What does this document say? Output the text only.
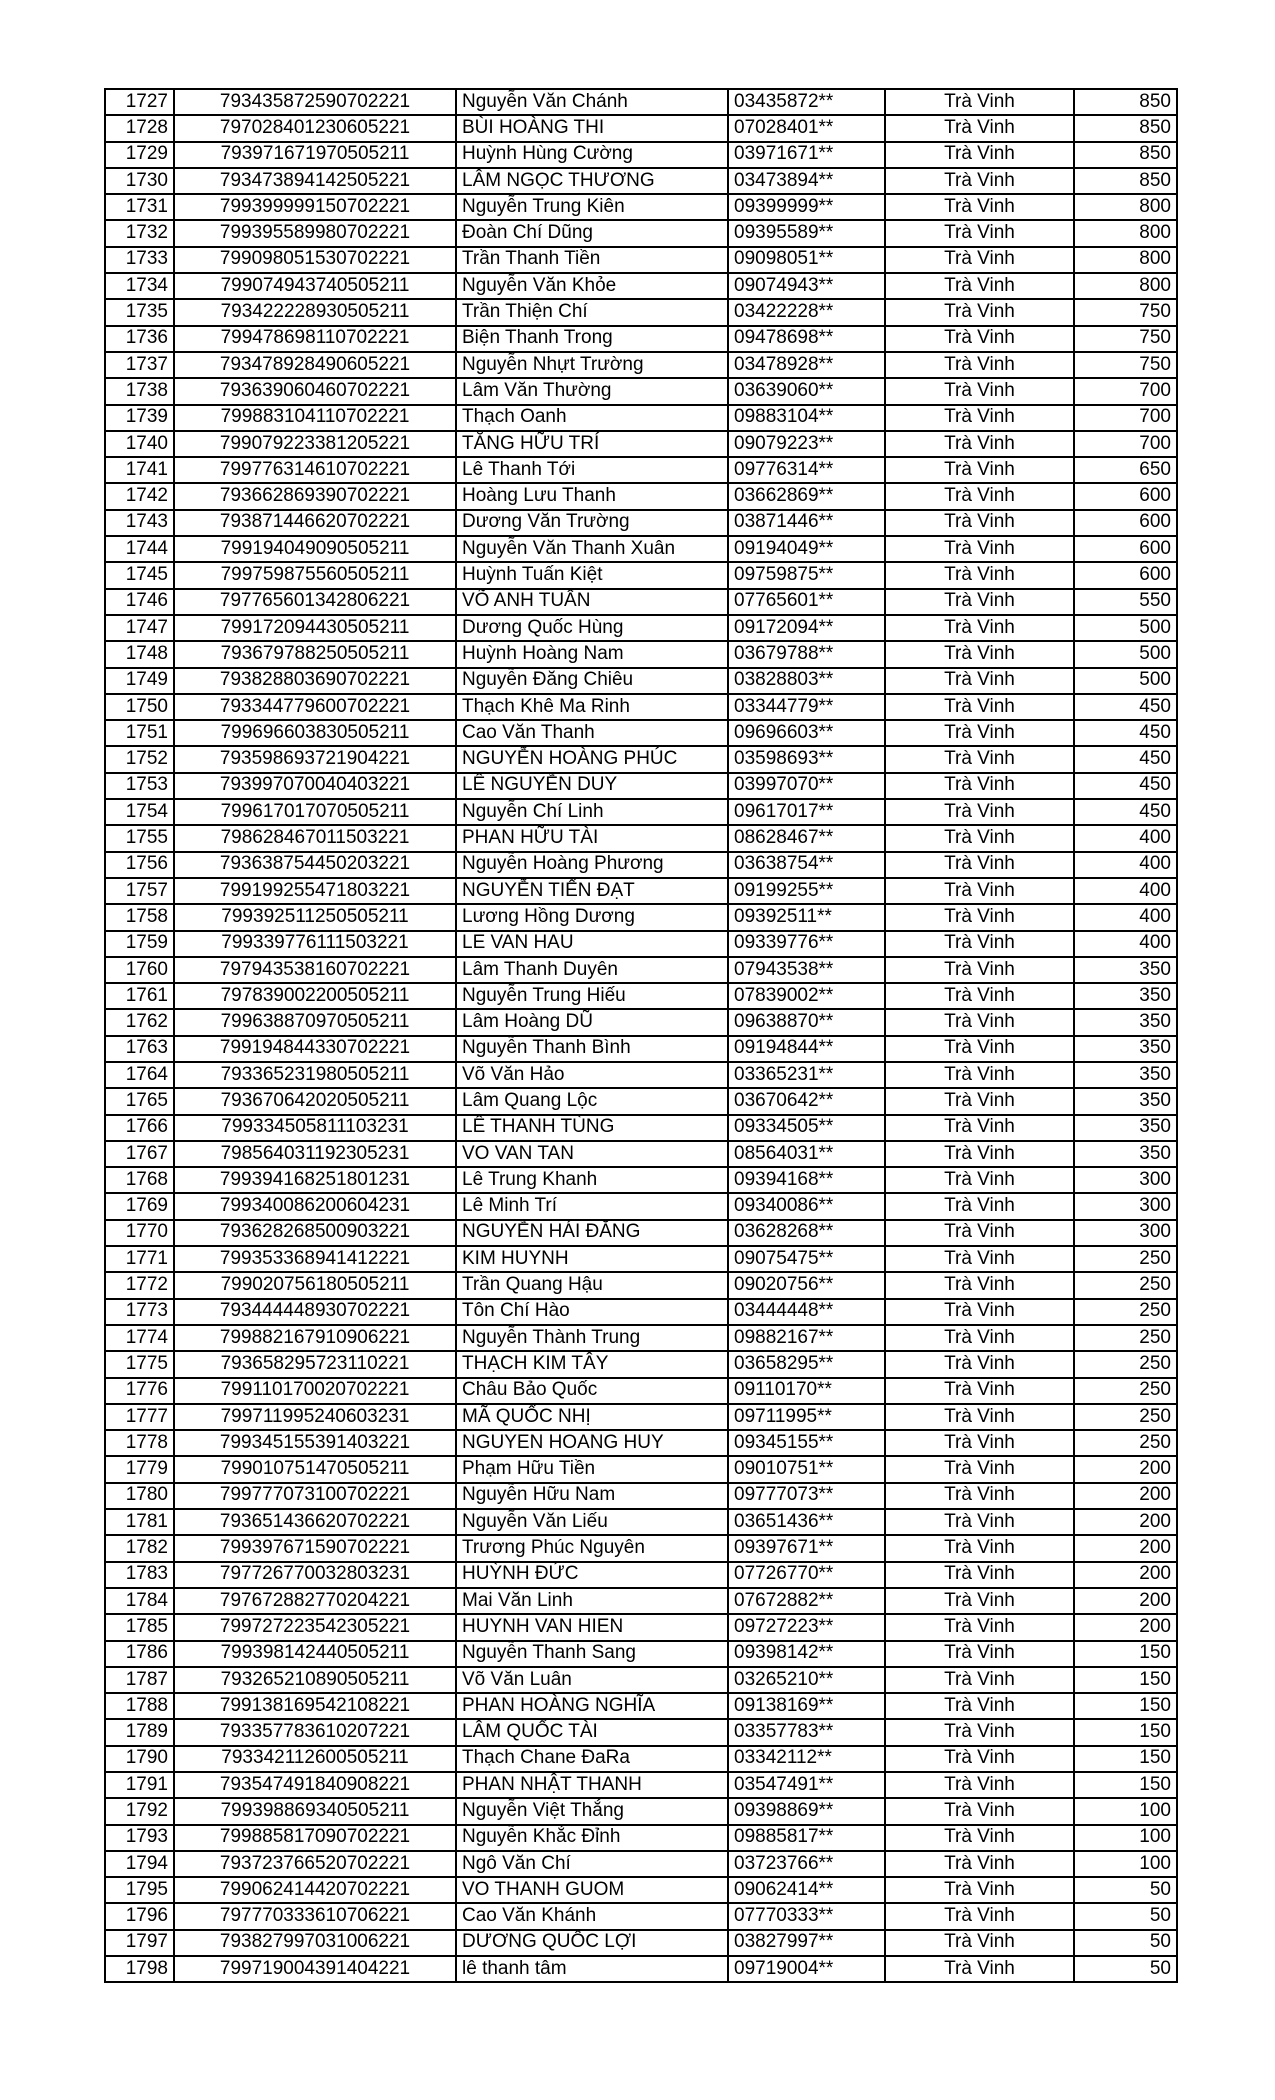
1727	793435872590702221	Nguyễn Văn Chánh	03435872**	Trà Vinh	850
1728	797028401230605221	BÙI HOÀNG THI	07028401**	Trà Vinh	850
1729	793971671970505211	Huỳnh Hùng Cường	03971671**	Trà Vinh	850
1730	793473894142505221	LÂM NGỌC THƯƠNG	03473894**	Trà Vinh	850
1731	799399999150702221	Nguyễn Trung Kiên	09399999**	Trà Vinh	800
1732	799395589980702221	Đoàn Chí Dũng	09395589**	Trà Vinh	800
1733	799098051530702221	Trần Thanh Tiền	09098051**	Trà Vinh	800
1734	799074943740505211	Nguyễn Văn Khỏe	09074943**	Trà Vinh	800
1735	793422228930505211	Trần Thiện Chí	03422228**	Trà Vinh	750
1736	799478698110702221	Biện Thanh Trong	09478698**	Trà Vinh	750
1737	793478928490605221	Nguyễn Nhựt Trường	03478928**	Trà Vinh	750
1738	793639060460702221	Lâm Văn Thường	03639060**	Trà Vinh	700
1739	799883104110702221	Thạch Oanh	09883104**	Trà Vinh	700
1740	799079223381205221	TĂNG HỮU TRÍ	09079223**	Trà Vinh	700
1741	799776314610702221	Lê Thanh Tới	09776314**	Trà Vinh	650
1742	793662869390702221	Hoàng Lưu Thanh	03662869**	Trà Vinh	600
1743	793871446620702221	Dương Văn Trường	03871446**	Trà Vinh	600
1744	799194049090505211	Nguyễn Văn Thanh Xuân	09194049**	Trà Vinh	600
1745	799759875560505211	Huỳnh Tuấn Kiệt	09759875**	Trà Vinh	600
1746	797765601342806221	VÕ ANH TUẤN	07765601**	Trà Vinh	550
1747	799172094430505211	Dương Quốc Hùng	09172094**	Trà Vinh	500
1748	793679788250505211	Huỳnh Hoàng Nam	03679788**	Trà Vinh	500
1749	793828803690702221	Nguyễn Đăng Chiêu	03828803**	Trà Vinh	500
1750	793344779600702221	Thạch Khê Ma Rinh	03344779**	Trà Vinh	450
1751	799696603830505211	Cao Văn Thanh	09696603**	Trà Vinh	450
1752	793598693721904221	NGUYỄN HOÀNG PHÚC	03598693**	Trà Vinh	450
1753	793997070040403221	LÊ NGUYỄN DUY	03997070**	Trà Vinh	450
1754	799617017070505211	Nguyễn Chí Linh	09617017**	Trà Vinh	450
1755	798628467011503221	PHAN HỮU TÀI	08628467**	Trà Vinh	400
1756	793638754450203221	Nguyễn Hoàng Phương	03638754**	Trà Vinh	400
1757	799199255471803221	NGUYỄN TIẾN ĐẠT	09199255**	Trà Vinh	400
1758	799392511250505211	Lương Hồng Dương	09392511**	Trà Vinh	400
1759	799339776111503221	LE VAN HAU	09339776**	Trà Vinh	400
1760	797943538160702221	Lâm Thanh Duyên	07943538**	Trà Vinh	350
1761	797839002200505211	Nguyễn Trung Hiếu	07839002**	Trà Vinh	350
1762	799638870970505211	Lâm Hoàng DŨ	09638870**	Trà Vinh	350
1763	799194844330702221	Nguyễn Thanh Bình	09194844**	Trà Vinh	350
1764	793365231980505211	Võ Văn Hảo	03365231**	Trà Vinh	350
1765	793670642020505211	Lâm Quang Lộc	03670642**	Trà Vinh	350
1766	799334505811103231	LÊ THANH TÙNG	09334505**	Trà Vinh	350
1767	798564031192305231	VO VAN TAN	08564031**	Trà Vinh	350
1768	799394168251801231	Lê Trung Khanh	09394168**	Trà Vinh	300
1769	799340086200604231	Lê Minh Trí	09340086**	Trà Vinh	300
1770	793628268500903221	NGUYỄN HÁI ĐĂNG	03628268**	Trà Vinh	300
1771	799353368941412221	KIM HUYNH	09075475**	Trà Vinh	250
1772	799020756180505211	Trần Quang Hậu	09020756**	Trà Vinh	250
1773	793444448930702221	Tôn Chí Hào	03444448**	Trà Vinh	250
1774	799882167910906221	Nguyễn Thành Trung	09882167**	Trà Vinh	250
1775	793658295723110221	THẠCH KIM TÂY	03658295**	Trà Vinh	250
1776	799110170020702221	Châu Bảo Quốc	09110170**	Trà Vinh	250
1777	799711995240603231	MÃ QUỐC NHỊ	09711995**	Trà Vinh	250
1778	799345155391403221	NGUYEN HOANG HUY	09345155**	Trà Vinh	250
1779	799010751470505211	Phạm Hữu Tiền	09010751**	Trà Vinh	200
1780	799777073100702221	Nguyễn Hữu Nam	09777073**	Trà Vinh	200
1781	793651436620702221	Nguyễn Văn Liếu	03651436**	Trà Vinh	200
1782	799397671590702221	Trương Phúc Nguyên	09397671**	Trà Vinh	200
1783	797726770032803231	HUỲNH ĐỨC	07726770**	Trà Vinh	200
1784	797672882770204221	Mai Văn Linh	07672882**	Trà Vinh	200
1785	799727223542305221	HUYNH VAN HIEN	09727223**	Trà Vinh	200
1786	799398142440505211	Nguyễn Thanh Sang	09398142**	Trà Vinh	150
1787	793265210890505211	Võ Văn Luân	03265210**	Trà Vinh	150
1788	799138169542108221	PHAN HOÀNG NGHĨA	09138169**	Trà Vinh	150
1789	793357783610207221	LÂM QUỐC TÀI	03357783**	Trà Vinh	150
1790	793342112600505211	Thạch Chane ĐaRa	03342112**	Trà Vinh	150
1791	793547491840908221	PHAN NHẬT THANH	03547491**	Trà Vinh	150
1792	799398869340505211	Nguyễn Việt Thắng	09398869**	Trà Vinh	100
1793	799885817090702221	Nguyễn Khắc Đỉnh	09885817**	Trà Vinh	100
1794	793723766520702221	Ngô Văn Chí	03723766**	Trà Vinh	100
1795	799062414420702221	VO THANH GUOM	09062414**	Trà Vinh	50
1796	797770333610706221	Cao Văn Khánh	07770333**	Trà Vinh	50
1797	793827997031006221	DƯƠNG QUỐC LỢI	03827997**	Trà Vinh	50
1798	799719004391404221	lê thanh tâm	09719004**	Trà Vinh	50
